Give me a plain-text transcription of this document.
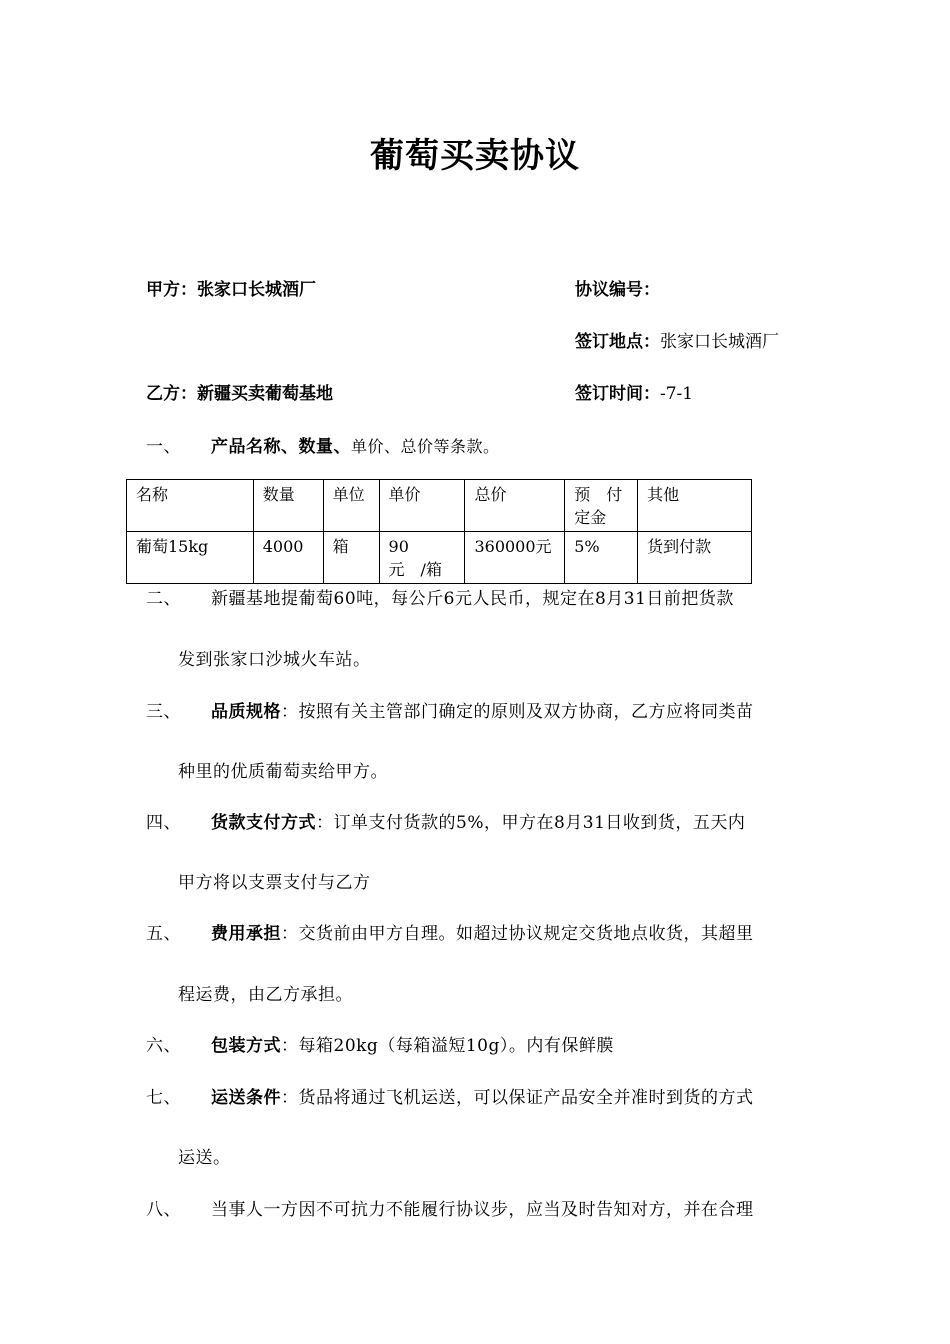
葡萄买卖协议
甲方：张家口长城酒厂	协议编号：
签订地点：张家口长城酒厂
乙方：新疆买卖葡萄基地	签订时间：-7-1
一、 产品名称、数量、单价、总价等条款。
名称	数量	单位	单价	总价	预　付定金	其他
葡萄15kg	4000	箱	90　元　/箱	360000元	5%	货到付款
二、 新疆基地提葡萄60吨，每公斤6元人民币，规定在8月31日前把货款
发到张家口沙城火车站。
三、 品质规格：按照有关主管部门确定的原则及双方协商，乙方应将同类苗
种里的优质葡萄卖给甲方。
四、 货款支付方式：订单支付货款的5%，甲方在8月31日收到货，五天内
甲方将以支票支付与乙方
五、 费用承担：交货前由甲方自理。如超过协议规定交货地点收货，其超里
程运费，由乙方承担。
六、 包装方式：每箱20kg（每箱溢短10g）。内有保鲜膜
七、 运送条件：货品将通过飞机运送，可以保证产品安全并准时到货的方式
运送。
八、 当事人一方因不可抗力不能履行协议步，应当及时告知对方，并在合理
